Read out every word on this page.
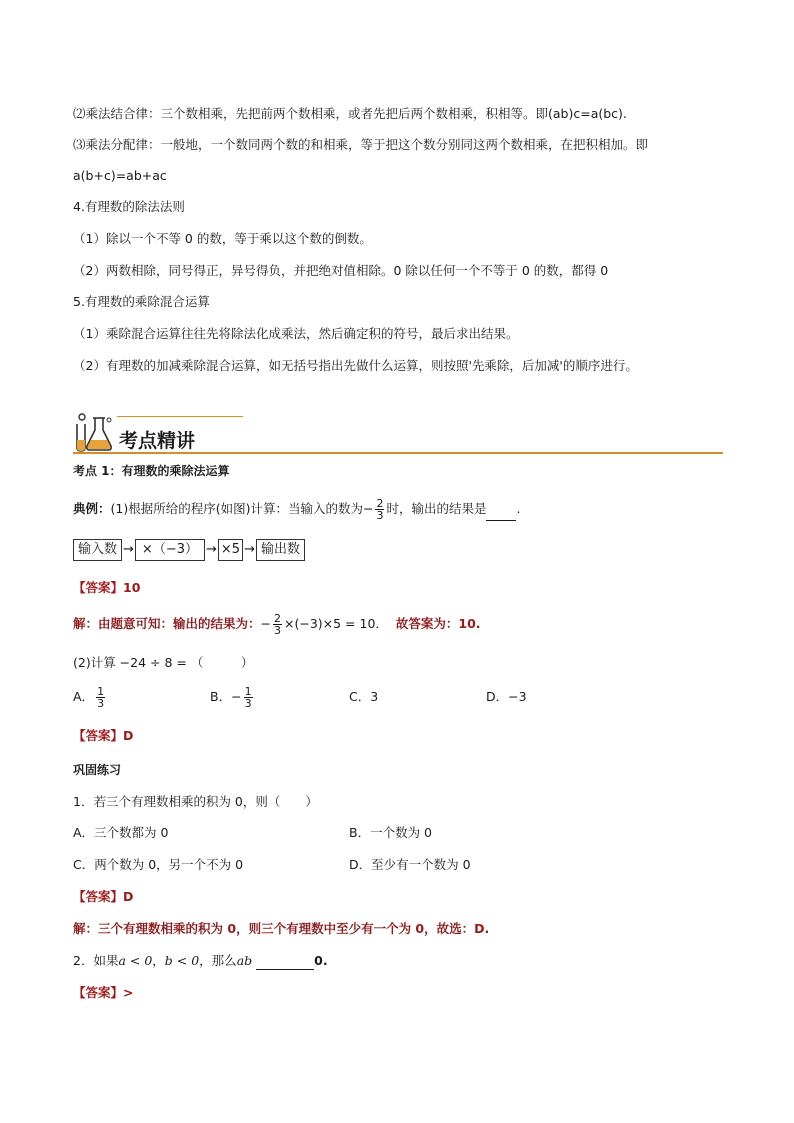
⑵乘法结合律：三个数相乘，先把前两个数相乘，或者先把后两个数相乘，积相等。即(ab)c=a(bc).
⑶乘法分配律：一般地，一个数同两个数的和相乘，等于把这个数分别同这两个数相乘，在把积相加。即
a(b+c)=ab+ac
4.有理数的除法法则
（1）除以一个不等 0 的数，等于乘以这个数的倒数。
（2）两数相除，同号得正，异号得负，并把绝对值相除。0 除以任何一个不等于 0 的数，都得 0
5.有理数的乘除混合运算
（1）乘除混合运算往往先将除法化成乘法，然后确定积的符号，最后求出结果。
（2）有理数的加减乘除混合运算，如无括号指出先做什么运算，则按照'先乘除，后加减'的顺序进行。
考点精讲
考点 1：有理数的乘除法运算
典例：(1)根据所给的程序(如图)计算：当输入的数为− $\frac{2}{3}$ 时，输出的结果是 .
输入数 → ×（−3） → ×5 → 输出数
【答案】10
解：由题意可知：输出的结果为：− $\frac{2}{3} \times(-3)\times 5 = 10$． 故答案为：10.
(2)计算 −24 ÷ 8 = （　　　）
A． $\frac{1}{3}$	B．− $\frac{1}{3}$	C．3	D．−3
【答案】D
巩固练习
1．若三个有理数相乘的积为 0，则（　　）
A．三个数都为 0	B．一个数为 0
C．两个数为 0，另一个不为 0	D．至少有一个数为 0
【答案】D
解：三个有理数相乘的积为 0，则三个有理数中至少有一个为 0，故选：D.
2．如果a < 0，b < 0，那么ab	0.
【答案】>
